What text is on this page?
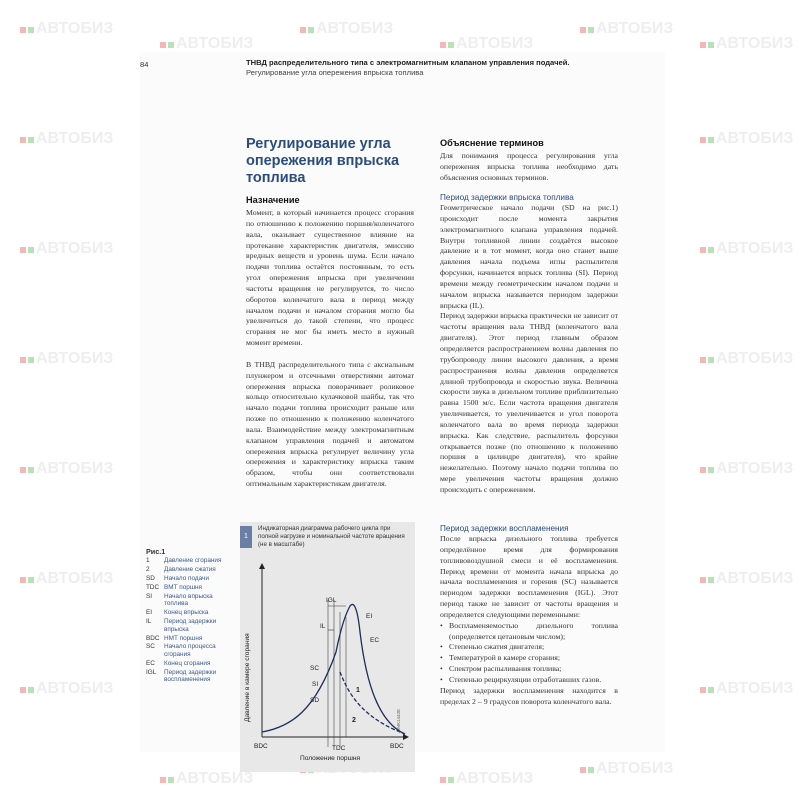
АВТОБИЗ
АВТОБИЗ
АВТОБИЗ
АВТОБИЗ
АВТОБИЗ
АВТОБИЗ
АВТОБИЗ	АВТОБИЗ
АВТОБИЗ	АВТОБИЗ
АВТОБИЗ	АВТОБИЗ
АВТОБИЗ	АВТОБИЗ
АВТОБИЗ	АВТОБИЗ
АВТОБИЗ	АВТОБИЗ
АВТОБИЗ	АВТОБИЗ
АВТОБИЗ
84	ТНВД распределительного типа с электромагнитным клапаном управления подачей.
Регулирование угла опережения впрыска топлива
Регулирование угла опережения впрыска топлива
Назначение

Момент, в который начинается процесс сгорания по отношению к положению поршня/коленчатого вала, оказывает существенное влияние на протекание характеристик двигателя, эмиссию вредных веществ и уровень шума. Если начало подачи топлива остаётся постоянным, то есть угол опережения впрыска при увеличении частоты вращения не регулируется, то число оборотов коленчатого вала в период между началом подачи и началом сгорания могло бы увеличиться до такой степени, что процесс сгорания не мог бы иметь место в нужный момент времени.

В ТНВД распределительного типа с аксиальным плунжером и отсечными отверстиями автомат опережения впрыска поворачивает роликовое кольцо относительно кулачковой шайбы, так что начало подачи топлива происходит раньше или позже по отношению к положению коленчатого вала. Взаимодействие между электромагнитным клапаном управления подачей и автоматом опережения впрыска регулирует величину угла опережения и характеристику впрыска таким образом, чтобы они соответствовали оптимальным характеристикам двигателя.

Объяснение терминов
Для понимания процесса регулирования угла опережения впрыска топлива необходимо дать объяснения основных терминов.
Период задержки впрыска топлива

Геометрическое начало подачи (SD на рис.1) происходит после момента закрытия электромагнитного клапана управления подачей. Внутри топливной линии создаётся высокое давление и в тот момент, когда оно станет выше давления начала подъема иглы распылителя форсунки, начинается впрыск топлива (SI). Период времени между геометрическим началом подачи и началом впрыска называется периодом задержки впрыска (IL).

Период задержки впрыска практически не зависит от частоты вращения вала ТНВД (коленчатого вала двигателя). Этот период главным образом определяется распространением волны давления по трубопроводу линии высокого давления, а время распространения волны давления определяется длиной трубопровода и скоростью звука. Величина скорости звука в дизельном топливе приблизительно равна 1500 м/с. Если частота вращения двигателя увеличивается, то увеличивается и угол поворота коленчатого вала во время периода задержки впрыска. Как следствие, распылитель форсунки открывается позже (по отношению к положению поршня в цилиндре двигателя), что крайне нежелательно. Поэтому начало подачи топлива по мере увеличения частоты вращения должно происходить с опережением.

Период задержки воспламенения

После впрыска дизельного топлива требуется определённое время для формирования топливовоздушной смеси и её воспламенения. Период времени от момента начала впрыска до начала воспламенения и горения (SC) называется периодом задержки воспламенения (IGL). Этот период также не зависит от частоты вращения и определяется следующими переменными:

• Воспламеняемостью дизельного топлива (определяется цетановым числом);
• Степенью сжатия двигателя;
• Температурой в камере сгорания;
• Спектром распыливания топлива;
• Степенью рециркуляции отработавших газов.

Период задержки воспламенения находится в пределах 2 – 9 градусов поворота коленчатого вала.

1
Индикаторная диаграмма рабочего цикла при полной нагрузке и номинальной частоте вращения (не в масштабе)
Давление в камере сгорания
Положение поршня
BDC	TDC	BDC
IGL
IL
EI
EC
SC
SI
SD
1
2	UMK1443E
Рис.1
1	Давление сгорания
2	Давление сжатия
SD	Начало подачи
TDC ВМТ поршня
SI	Начало впрыска топлива
EI	Конец впрыска
IL	Период задержки впрыска
BDC НМТ поршня
SC	Начало процесса сгорания
EC	Конец сгорания
IGL	Период задержки воспламенения
